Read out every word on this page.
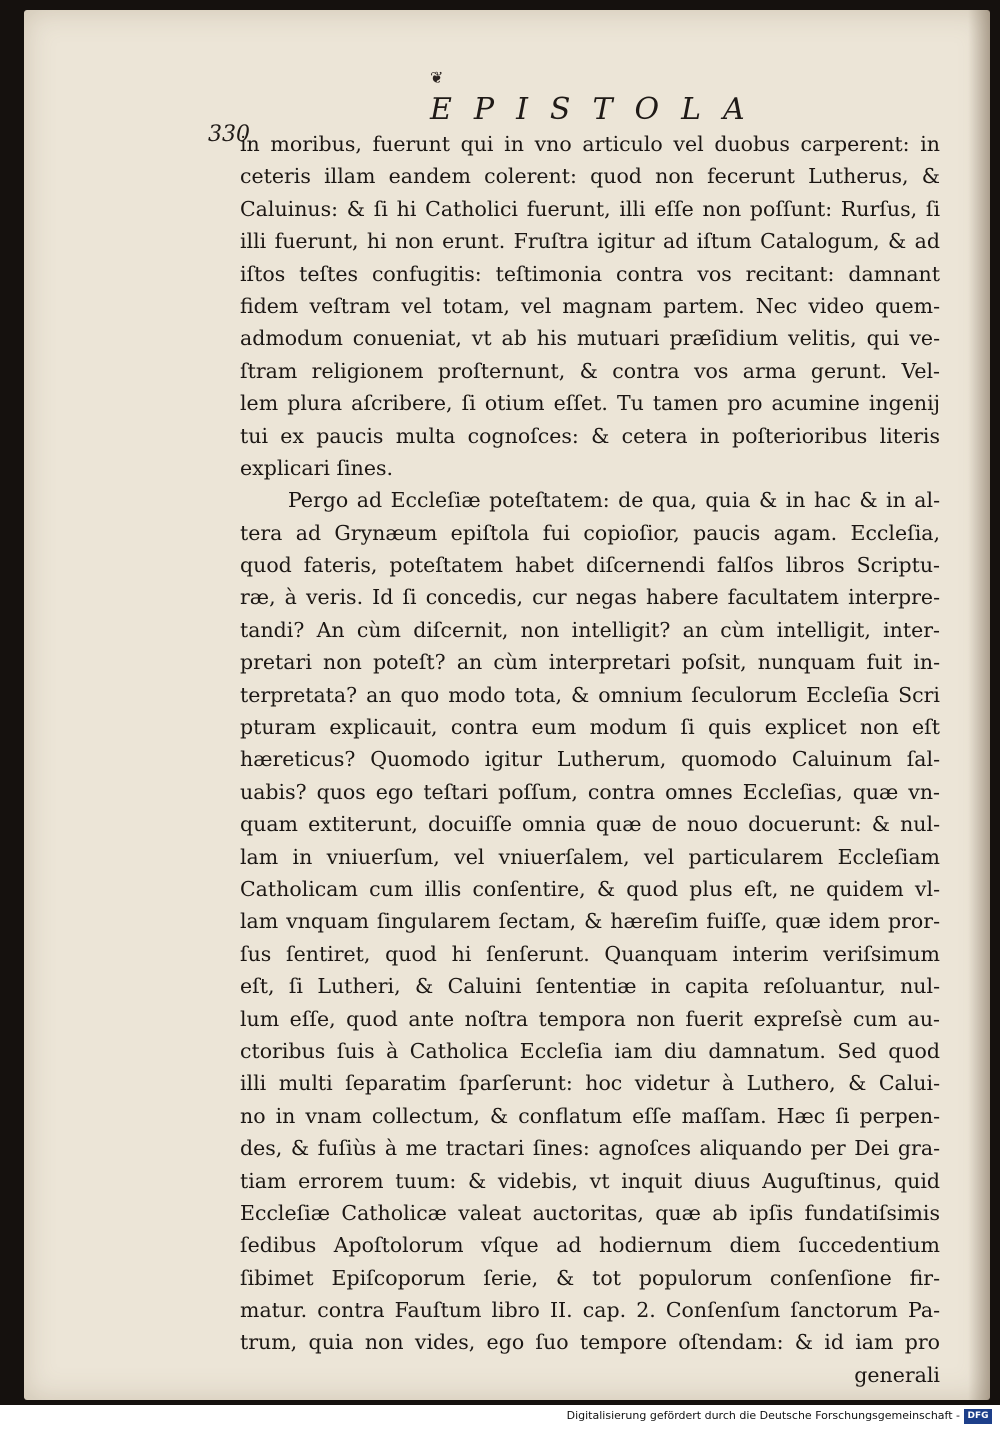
❦
EPISTOLA
330
in moribus, fuerunt qui in vno articulo vel duobus carperent: in
ceteris illam eandem colerent: quod non fecerunt Lutherus, &
Caluinus: & ſi hi Catholici fuerunt, illi eſſe non poſſunt: Rurſus, ſi
illi fuerunt, hi non erunt. Fruſtra igitur ad iſtum Catalogum, & ad
iſtos teſtes confugitis: teſtimonia contra vos recitant: damnant
fidem veſtram vel totam, vel magnam partem. Nec video quem-
admodum conueniat, vt ab his mutuari præſidium velitis, qui ve-
ſtram religionem proſternunt, & contra vos arma gerunt. Vel-
lem plura aſcribere, ſi otium eſſet. Tu tamen pro acumine ingenij
tui ex paucis multa cognoſces: & cetera in poſterioribus literis
explicari ſines.
Pergo ad Eccleſiæ poteſtatem: de qua, quia & in hac & in al-
tera ad Grynæum epiſtola fui copioſior, paucis agam. Eccleſia,
quod fateris, poteſtatem habet diſcernendi falſos libros Scriptu-
ræ, à veris. Id ſi concedis, cur negas habere facultatem interpre-
tandi? An cùm diſcernit, non intelligit? an cùm intelligit, inter-
pretari non poteſt? an cùm interpretari poſsit, nunquam fuit in-
terpretata? an quo modo tota, & omnium ſeculorum Eccleſia Scri
pturam explicauit, contra eum modum ſi quis explicet non eſt
hæreticus? Quomodo igitur Lutherum, quomodo Caluinum ſal-
uabis? quos ego teſtari poſſum, contra omnes Eccleſias, quæ vn-
quam extiterunt, docuiſſe omnia quæ de nouo docuerunt: & nul-
lam in vniuerſum, vel vniuerſalem, vel particularem Eccleſiam
Catholicam cum illis conſentire, & quod plus eſt, ne quidem vl-
lam vnquam ſingularem ſectam, & hæreſim fuiſſe, quæ idem pror-
ſus ſentiret, quod hi ſenſerunt. Quanquam interim veriſsimum
eſt, ſi Lutheri, & Caluini ſententiæ in capita reſoluantur, nul-
lum eſſe, quod ante noſtra tempora non fuerit expreſsè cum au-
ctoribus ſuis à Catholica Eccleſia iam diu damnatum. Sed quod
illi multi ſeparatim ſparſerunt: hoc videtur à Luthero, & Calui-
no in vnam collectum, & conflatum eſſe maſſam. Hæc ſi perpen-
des, & fuſiùs à me tractari ſines: agnoſces aliquando per Dei gra-
tiam errorem tuum: & videbis, vt inquit diuus Auguſtinus, quid
Eccleſiæ Catholicæ valeat auctoritas, quæ ab ipſis fundatiſsimis
ſedibus Apoſtolorum vſque ad hodiernum diem ſuccedentium
ſibimet Epiſcoporum ſerie, & tot populorum conſenſione fir-
matur. contra Fauſtum libro II. cap. 2. Conſenſum ſanctorum Pa-
trum, quia non vides, ego ſuo tempore oſtendam: & id iam pro
generali
Digitalisierung gefördert durch die Deutsche Forschungsgemeinschaft - DFG
